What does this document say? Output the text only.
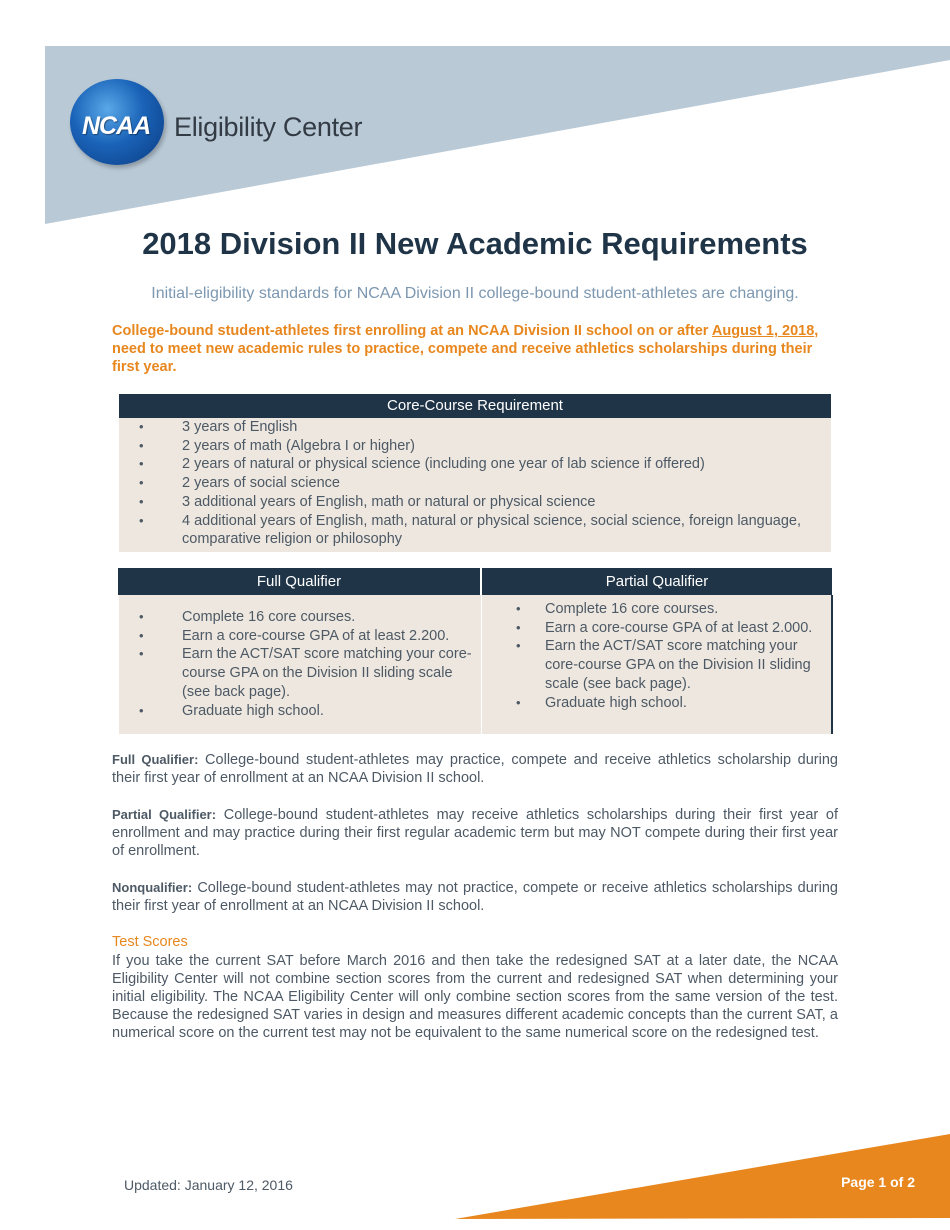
NCAA Eligibility Center
2018 Division II New Academic Requirements
Initial-eligibility standards for NCAA Division II college-bound student-athletes are changing.
College-bound student-athletes first enrolling at an NCAA Division II school on or after August 1, 2018, need to meet new academic rules to practice, compete and receive athletics scholarships during their first year.
Core-Course Requirement
• 3 years of English
• 2 years of math (Algebra I or higher)
• 2 years of natural or physical science (including one year of lab science if offered)
• 2 years of social science
• 3 additional years of English, math or natural or physical science
• 4 additional years of English, math, natural or physical science, social science, foreign language, comparative religion or philosophy
Full Qualifier	Partial Qualifier
• Complete 16 core courses.
• Earn a core-course GPA of at least 2.200.
• Earn the ACT/SAT score matching your core-course GPA on the Division II sliding scale (see back page).
• Graduate high school.
• Complete 16 core courses.
• Earn a core-course GPA of at least 2.000.
• Earn the ACT/SAT score matching your core-course GPA on the Division II sliding scale (see back page).
• Graduate high school.
Full Qualifier: College-bound student-athletes may practice, compete and receive athletics scholarship during their first year of enrollment at an NCAA Division II school.
Partial Qualifier: College-bound student-athletes may receive athletics scholarships during their first year of enrollment and may practice during their first regular academic term but may NOT compete during their first year of enrollment.
Nonqualifier: College-bound student-athletes may not practice, compete or receive athletics scholarships during their first year of enrollment at an NCAA Division II school.
Test Scores
If you take the current SAT before March 2016 and then take the redesigned SAT at a later date, the NCAA Eligibility Center will not combine section scores from the current and redesigned SAT when determining your initial eligibility. The NCAA Eligibility Center will only combine section scores from the same version of the test. Because the redesigned SAT varies in design and measures different academic concepts than the current SAT, a numerical score on the current test may not be equivalent to the same numerical score on the redesigned test.
Updated: January 12, 2016	Page 1 of 2
